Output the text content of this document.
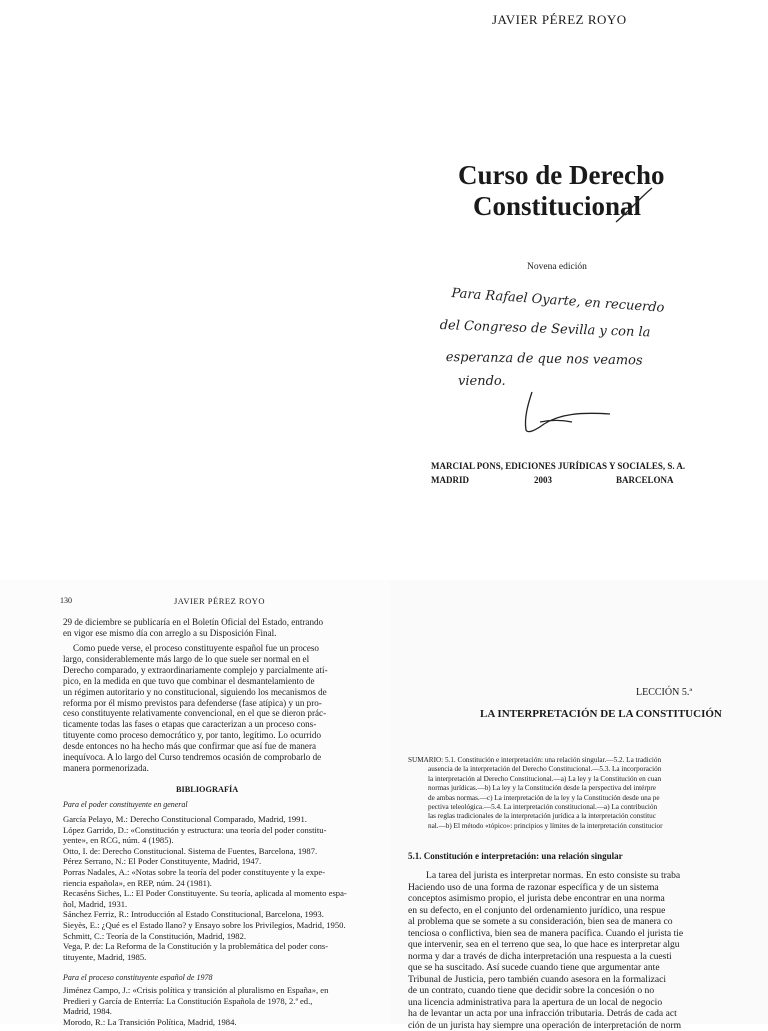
JAVIER PÉREZ ROYO
Curso de Derecho
Constitucional
Novena edición
Para Rafael Oyarte, en recuerdo
del Congreso de Sevilla y con la
esperanza de que nos veamos
viendo.
MARCIAL PONS, EDICIONES JURÍDICAS Y SOCIALES, S. A.
MADRID	2003	BARCELONA
130	JAVIER PÉREZ ROYO
29 de diciembre se publicaría en el Boletín Oficial del Estado, entrando
en vigor ese mismo día con arreglo a su Disposición Final.
Como puede verse, el proceso constituyente español fue un proceso
largo, considerablemente más largo de lo que suele ser normal en el
Derecho comparado, y extraordinariamente complejo y parcialmente atí-
pico, en la medida en que tuvo que combinar el desmantelamiento de
un régimen autoritario y no constitucional, siguiendo los mecanismos de
reforma por él mismo previstos para defenderse (fase atípica) y un pro-
ceso constituyente relativamente convencional, en el que se dieron prác-
ticamente todas las fases o etapas que caracterizan a un proceso cons-
tituyente como proceso democrático y, por tanto, legítimo. Lo ocurrido
desde entonces no ha hecho más que confirmar que así fue de manera
inequívoca. A lo largo del Curso tendremos ocasión de comprobarlo de
manera pormenorizada.
BIBLIOGRAFÍA
Para el poder constituyente en general
García Pelayo, M.: Derecho Constitucional Comparado, Madrid, 1991.
López Garrido, D.: «Constitución y estructura: una teoría del poder constitu-
yente», en RCG, núm. 4 (1985).
Otto, I. de: Derecho Constitucional. Sistema de Fuentes, Barcelona, 1987.
Pérez Serrano, N.: El Poder Constituyente, Madrid, 1947.
Porras Nadales, A.: «Notas sobre la teoría del poder constituyente y la expe-
riencia española», en REP, núm. 24 (1981).
Recaséns Siches, L.: El Poder Constituyente. Su teoría, aplicada al momento espa-
ñol, Madrid, 1931.
Sánchez Ferriz, R.: Introducción al Estado Constitucional, Barcelona, 1993.
Sieyès, E.: ¿Qué es el Estado llano? y Ensayo sobre los Privilegios, Madrid, 1950.
Schmitt, C.: Teoría de la Constitución, Madrid, 1982.
Vega, P. de: La Reforma de la Constitución y la problemática del poder cons-
tituyente, Madrid, 1985.
Para el proceso constituyente español de 1978
Jiménez Campo, J.: «Crisis política y transición al pluralismo en España», en
Predieri y García de Enterría: La Constitución Española de 1978, 2.ª ed.,
Madrid, 1984.
Morodo, R.: La Transición Política, Madrid, 1984.
LECCIÓN 5.ª
LA INTERPRETACIÓN DE LA CONSTITUCIÓN
SUMARIO: 5.1. Constitución e interpretación: una relación singular.—5.2. La tradición
ausencia de la interpretación del Derecho Constitucional.—5.3. La incorporación
la interpretación al Derecho Constitucional.—a) La ley y la Constitución en cuan
normas jurídicas.—b) La ley y la Constitución desde la perspectiva del intérpre
de ambas normas.—c) La interpretación de la ley y la Constitución desde una pe
pectiva teleológica.—5.4. La interpretación constitucional.—a) La contribución
las reglas tradicionales de la interpretación jurídica a la interpretación constituc
nal.—b) El método «tópico»: principios y límites de la interpretación constitucior
5.1. Constitución e interpretación: una relación singular
La tarea del jurista es interpretar normas. En esto consiste su traba
Haciendo uso de una forma de razonar específica y de un sistema
conceptos asimismo propio, el jurista debe encontrar en una norma
en su defecto, en el conjunto del ordenamiento jurídico, una respue
al problema que se somete a su consideración, bien sea de manera co
tenciosa o conflictiva, bien sea de manera pacífica. Cuando el jurista tie
que intervenir, sea en el terreno que sea, lo que hace es interpretar algu
norma y dar a través de dicha interpretación una respuesta a la cuesti
que se ha suscitado. Así sucede cuando tiene que argumentar ante
Tribunal de Justicia, pero también cuando asesora en la formalizaci
de un contrato, cuando tiene que decidir sobre la concesión o no
una licencia administrativa para la apertura de un local de negocio
ha de levantar un acta por una infracción tributaria. Detrás de cada act
ción de un jurista hay siempre una operación de interpretación de norm
